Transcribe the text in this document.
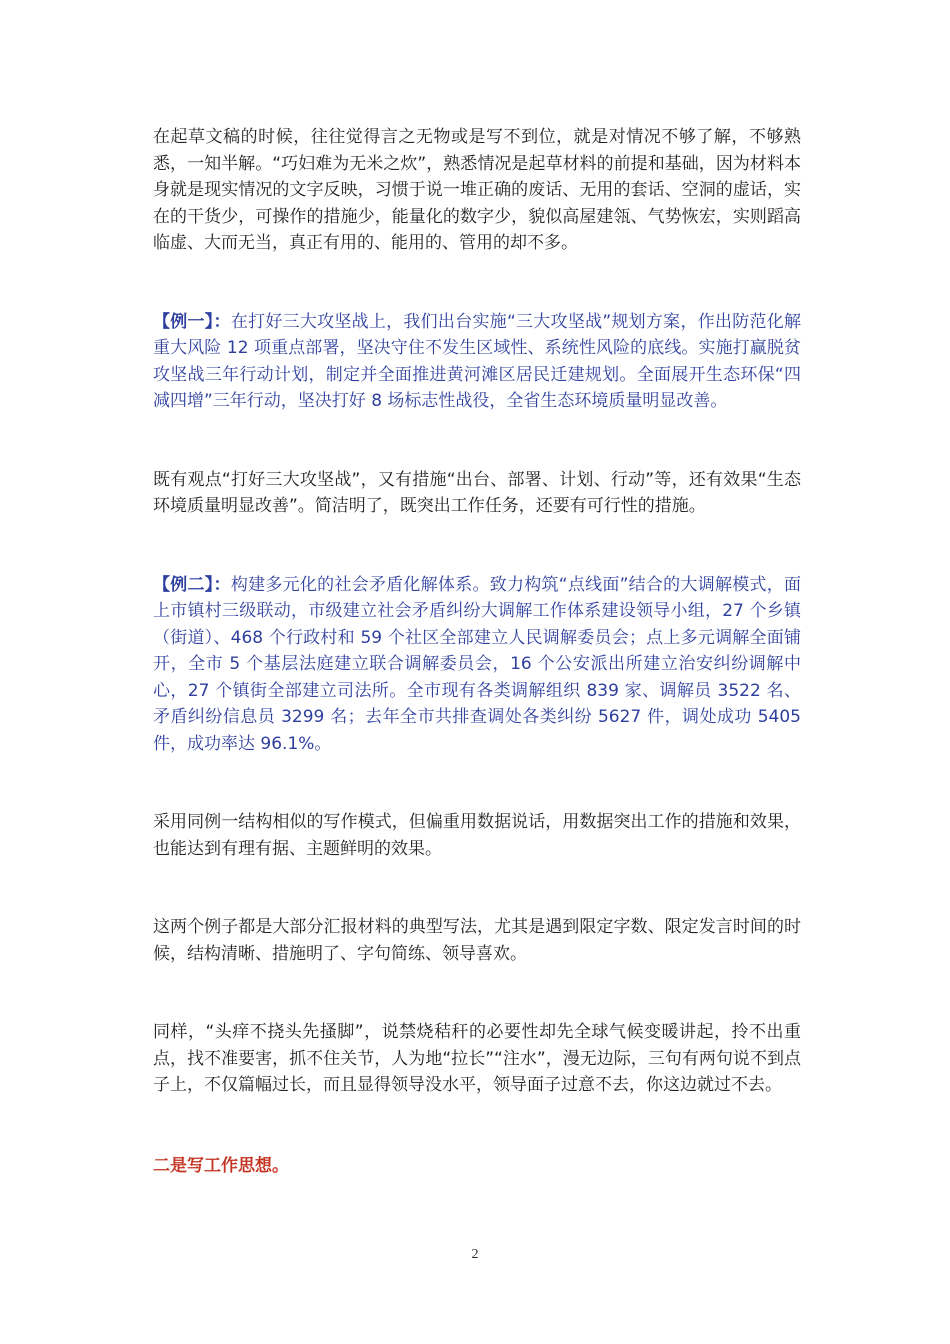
在起草文稿的时候，往往觉得言之无物或是写不到位，就是对情况不够了解，不够熟悉，一知半解。“巧妇难为无米之炊”，熟悉情况是起草材料的前提和基础，因为材料本身就是现实情况的文字反映，习惯于说一堆正确的废话、无用的套话、空洞的虚话，实在的干货少，可操作的措施少，能量化的数字少，貌似高屋建瓴、气势恢宏，实则蹈高临虚、大而无当，真正有用的、能用的、管用的却不多。

【例一】：在打好三大攻坚战上，我们出台实施“三大攻坚战”规划方案，作出防范化解重大风险 12 项重点部署，坚决守住不发生区域性、系统性风险的底线。实施打赢脱贫攻坚战三年行动计划，制定并全面推进黄河滩区居民迁建规划。全面展开生态环保“四减四增”三年行动，坚决打好 8 场标志性战役，全省生态环境质量明显改善。

既有观点“打好三大攻坚战”，又有措施“出台、部署、计划、行动”等，还有效果“生态环境质量明显改善”。简洁明了，既突出工作任务，还要有可行性的措施。

【例二】：构建多元化的社会矛盾化解体系。致力构筑“点线面”结合的大调解模式，面上市镇村三级联动，市级建立社会矛盾纠纷大调解工作体系建设领导小组，27 个乡镇（街道）、468 个行政村和 59 个社区全部建立人民调解委员会；点上多元调解全面铺开，全市 5 个基层法庭建立联合调解委员会，16 个公安派出所建立治安纠纷调解中心，27 个镇街全部建立司法所。全市现有各类调解组织 839 家、调解员 3522 名、矛盾纠纷信息员 3299 名；去年全市共排查调处各类纠纷 5627 件，调处成功 5405 件，成功率达 96.1%。

采用同例一结构相似的写作模式，但偏重用数据说话，用数据突出工作的措施和效果，也能达到有理有据、主题鲜明的效果。

这两个例子都是大部分汇报材料的典型写法，尤其是遇到限定字数、限定发言时间的时候，结构清晰、措施明了、字句简练、领导喜欢。

同样，“头痒不挠头先搔脚”，说禁烧秸秆的必要性却先全球气候变暖讲起，拎不出重点，找不准要害，抓不住关节，人为地“拉长”“注水”，漫无边际，三句有两句说不到点子上，不仅篇幅过长，而且显得领导没水平，领导面子过意不去，你这边就过不去。

二是写工作思想。

2
